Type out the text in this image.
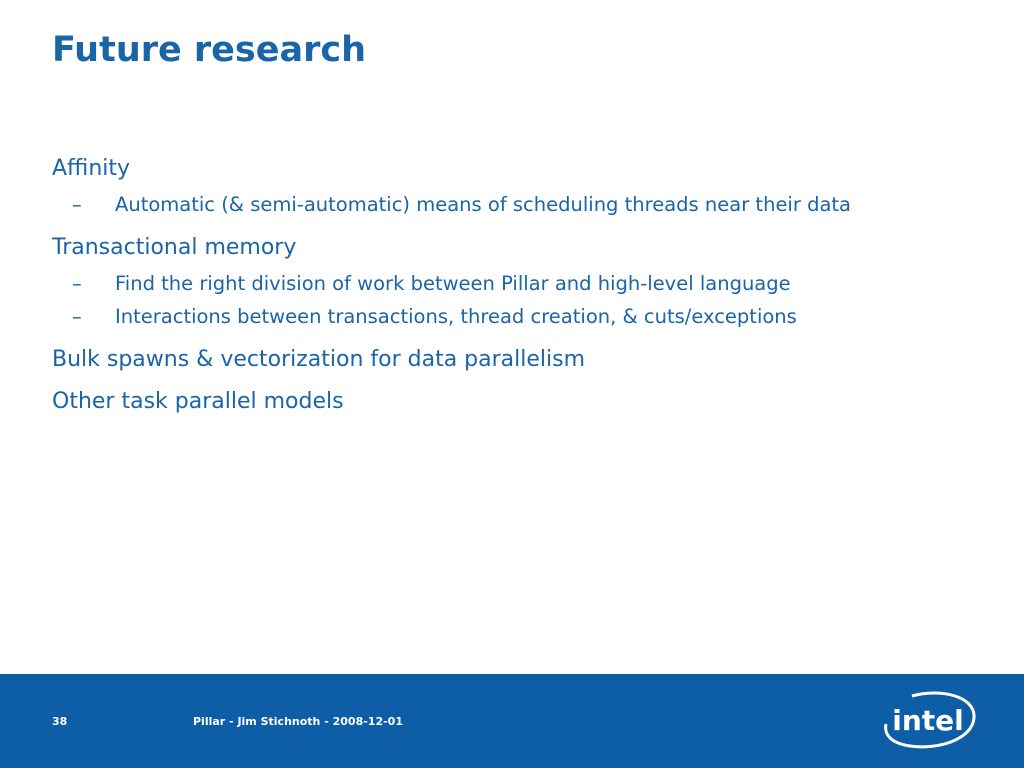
Future research

Affinity

– Automatic (& semi-automatic) means of scheduling threads near their data

Transactional memory

– Find the right division of work between Pillar and high-level language
– Interactions between transactions, thread creation, & cuts/exceptions

Bulk spawns & vectorization for data parallelism

Other task parallel models

38	Pillar - Jim Stichnoth - 2008-12-01	intel
